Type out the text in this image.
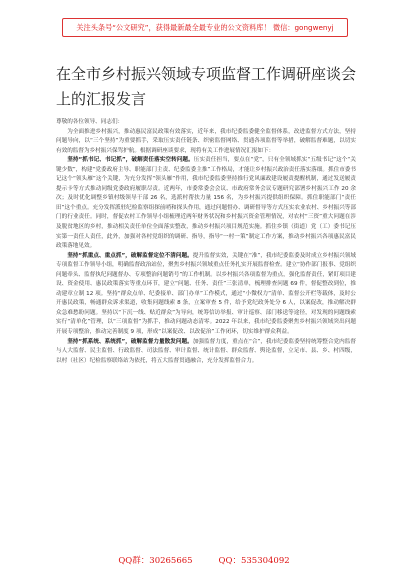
关注头条号“公文研究”，获得最新最全最专业的公文资料库！ 微信：gongwenyj
在全市乡村振兴领域专项监督工作调研座谈会上的汇报发言

尊敬的各位领导、同志们：

为全面推进乡村振兴，推动惠民富民政策有效落实，近年来，我市纪委监委健全监督体系，改进监督方式方法，坚持问题导向，以“三个坚持”为重要抓手，采取压实责任链条、织密监督网络、贯通各项监督等举措，破解监督难题，以切实有效的监督为乡村振兴保驾护航。根据调研座谈要求，现将有关工作进展情况汇报如下：

坚持“抓书记、书记抓”，破解责任落实空转问题。压实责任担当，要点在“党”，只有全领域抓实“五级书记”这个“关键少数”，构建“党委政府主导、职能部门主责、纪委监委主推”工作格局，才能让乡村振兴政治责任落实落细。抓住市委书记这个“领头雁”这个关键，为充分发挥“领头雁”作用，我市纪委监委坚持推行党风廉政建设履责提醒机制，通过发送履责提示卡等方式推动同级党委政府履职尽责。近两年，市委常委会会议、市政府常务会议专题研究部署乡村振兴工作 20 余次；及时优化调整乡镇村级领导干部 26 名，选派村帮扶力量 156 名，为乡村振兴提供组织保障。抓住职能部门“责任田”这个重点。充分发挥派驻纪检监察组探前哨和探头作用，通过问题督办、调研督导等方式压实农业农村、乡村振兴等部门的行业责任。同时，督促农村工作领导小组梳理近两年财务状况和乡村振兴资金管理情况，对农村“三资”重大问题在涉及脱贫地区的乡村，推动相关责任单位全面落实整改，推动乡村振兴项目规范实施。抓住乡镇（街道）党（工）委书记压实第一责任人责任，此外，加强对各村党组织的调研、指导，指导“一村一策”制定工作方案，推动乡村振兴各项惠民富民政策落地见效。

坚持“抓重点、重点抓”，破解监督定位不清问题。提升监督实效，关键在“准”，我市纪委监委及时成立乡村振兴领域专项监督工作领导小组，明确监督政治站位，聚焦乡村振兴领域重点任务扎实开展监督检查。建立“协作部门报事、党组织问题牵头、监督执纪问题督办、专项整治问题销号”的工作机制。以乡村振兴各项监督为重点，强化监督责任，紧盯项目建设、资金使用、惠民政策落实等重点环节，建立“问题、任务、责任”三张清单，梳理排查问题 69 件，督促整改到位，推动建章立制 12 项。坚持“群众点单、纪委接单、部门办单”工作模式，通过“小微权力”清单、监督公开栏等载体，及时公开惠民政策，畅通群众诉求渠道，收集问题线索 8 条，立案审查 5 件，给予党纪政务处分 6 人，以案促改，推动解决群众急难愁盼问题。坚持以“下沉一线、贴近群众”为导向，统筹信访举报、审计巡察、部门移送等途径，对发现的问题线索实行“清单化”管理，以“三项监督”为抓手，推动问题动态清零。2022 年以来，我市纪委监委聚焦乡村振兴领域突出问题开展专项整治，推动完善制度 9 项，形成“以案促改、以改促治”工作闭环，切实维护群众利益。

坚持“抓系统、系统抓”，破解监督力量散发问题。加强监督力度，重点在“合”，我市纪委监委坚持统筹整合党内监督与人大监督、民主监督、行政监督、司法监督、审计监督、统计监督、群众监督、舆论监督，立足市、县、乡、村四级，以村（社区）纪检监察联络站为依托，将五大监督贯通融合，充分发挥监督合力。

QQ群：30265665	QQ：535304092
